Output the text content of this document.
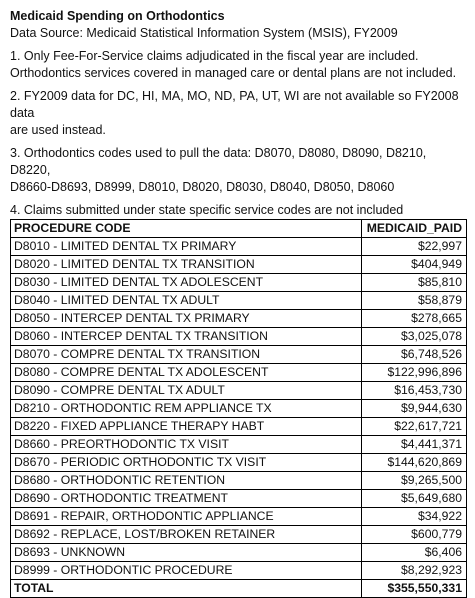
Medicaid Spending on Orthodontics

Data Source: Medicaid Statistical Information System (MSIS), FY2009

1. Only Fee-For-Service claims adjudicated in the fiscal year are included.
Orthodontics services covered in managed care or dental plans are not included.

2. FY2009 data for DC, HI, MA, MO, ND, PA, UT, WI are not available so FY2008 data
are used instead.

3. Orthodontics codes used to pull the data: D8070, D8080, D8090, D8210, D8220,
D8660-D8693, D8999, D8010, D8020, D8030, D8040, D8050, D8060

4. Claims submitted under state specific service codes are not included

PROCEDURE CODE	MEDICAID_PAID
D8010 - LIMITED DENTAL TX PRIMARY	$22,997
D8020 - LIMITED DENTAL TX TRANSITION	$404,949
D8030 - LIMITED DENTAL TX ADOLESCENT	$85,810
D8040 - LIMITED DENTAL TX ADULT	$58,879
D8050 - INTERCEP DENTAL TX PRIMARY	$278,665
D8060 - INTERCEP DENTAL TX TRANSITION	$3,025,078
D8070 - COMPRE DENTAL TX TRANSITION	$6,748,526
D8080 - COMPRE DENTAL TX ADOLESCENT	$122,996,896
D8090 - COMPRE DENTAL TX ADULT	$16,453,730
D8210 - ORTHODONTIC REM APPLIANCE TX	$9,944,630
D8220 - FIXED APPLIANCE THERAPY HABT	$22,617,721
D8660 - PREORTHODONTIC TX VISIT	$4,441,371
D8670 - PERIODIC ORTHODONTIC TX VISIT	$144,620,869
D8680 - ORTHODONTIC RETENTION	$9,265,500
D8690 - ORTHODONTIC TREATMENT	$5,649,680
D8691 - REPAIR, ORTHODONTIC APPLIANCE	$34,922
D8692 - REPLACE, LOST/BROKEN RETAINER	$600,779
D8693 - UNKNOWN	$6,406
D8999 - ORTHODONTIC PROCEDURE	$8,292,923
TOTAL	$355,550,331
